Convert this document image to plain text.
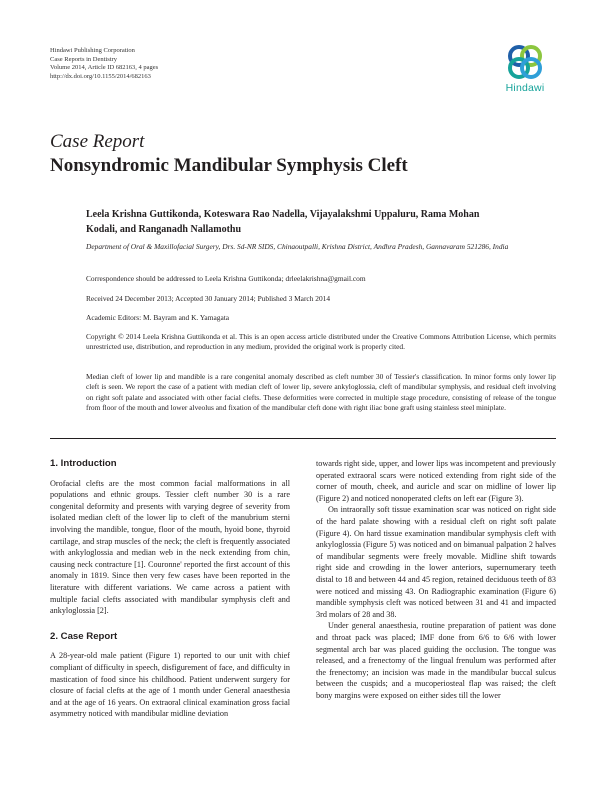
Hindawi Publishing Corporation
Case Reports in Dentistry
Volume 2014, Article ID 682163, 4 pages
http://dx.doi.org/10.1155/2014/682163
Hindawi
Case Report
Nonsyndromic Mandibular Symphysis Cleft
Leela Krishna Guttikonda, Koteswara Rao Nadella, Vijayalakshmi Uppaluru, Rama Mohan Kodali, and Ranganadh Nallamothu
Department of Oral & Maxillofacial Surgery, Drs. Sd-NR SIDS, Chinaoutpalli, Krishna District, Andhra Pradesh, Gannavaram 521286, India
Correspondence should be addressed to Leela Krishna Guttikonda; drleelakrishna@gmail.com
Received 24 December 2013; Accepted 30 January 2014; Published 3 March 2014
Academic Editors: M. Bayram and K. Yamagata
Copyright © 2014 Leela Krishna Guttikonda et al. This is an open access article distributed under the Creative Commons Attribution License, which permits unrestricted use, distribution, and reproduction in any medium, provided the original work is properly cited.
Median cleft of lower lip and mandible is a rare congenital anomaly described as cleft number 30 of Tessier's classification. In minor forms only lower lip cleft is seen. We report the case of a patient with median cleft of lower lip, severe ankyloglossia, cleft of mandibular symphysis, and residual cleft involving on right soft palate and associated with other facial clefts. These deformities were corrected in multiple stage procedure, consisting of release of the tongue from floor of the mouth and lower alveolus and fixation of the mandibular cleft done with right iliac bone graft using stainless steel miniplate.
1. Introduction

Orofacial clefts are the most common facial malformations in all populations and ethnic groups. Tessier cleft number 30 is a rare congenital deformity and presents with varying degree of severity from isolated median cleft of the lower lip to cleft of the manubrium sterni involving the mandible, tongue, floor of the mouth, hyoid bone, thyroid cartilage, and strap muscles of the neck; the cleft is frequently associated with ankyloglossia and median web in the neck extending from chin, causing neck contracture [1]. Couronne' reported the first account of this anomaly in 1819. Since then very few cases have been reported in the literature with different variations. We came across a patient with multiple facial clefts associated with mandibular symphysis cleft and ankyloglossia [2].

2. Case Report

A 28-year-old male patient (Figure 1) reported to our unit with chief compliant of difficulty in speech, disfigurement of face, and difficulty in mastication of food since his childhood. Patient underwent surgery for closure of facial clefts at the age of 1 month under General anaesthesia and at the age of 16 years. On extraoral clinical examination gross facial asymmetry noticed with mandibular midline deviation

towards right side, upper, and lower lips was incompetent and previously operated extraoral scars were noticed extending from right side of the corner of mouth, cheek, and auricle and scar on midline of lower lip (Figure 2) and noticed nonoperated clefts on left ear (Figure 3).

On intraorally soft tissue examination scar was noticed on right side of the hard palate showing with a residual cleft on right soft palate (Figure 4). On hard tissue examination mandibular symphysis cleft with ankyloglossia (Figure 5) was noticed and on bimanual palpation 2 halves of mandibular segments were freely movable. Midline shift towards right side and crowding in the lower anteriors, supernumerary teeth distal to 18 and between 44 and 45 region, retained deciduous teeth of 83 were noticed and missing 43. On Radiographic examination (Figure 6) mandible symphysis cleft was noticed between 31 and 41 and impacted 3rd molars of 28 and 38.

Under general anaesthesia, routine preparation of patient was done and throat pack was placed; IMF done from 6/6 to 6/6 with lower segmental arch bar was placed guiding the occlusion. The tongue was released, and a frenectomy of the lingual frenulum was performed after the frenectomy; an incision was made in the mandibular buccal sulcus between the cuspids; and a mucoperiosteal flap was raised; the cleft bony margins were exposed on either sides till the lower
